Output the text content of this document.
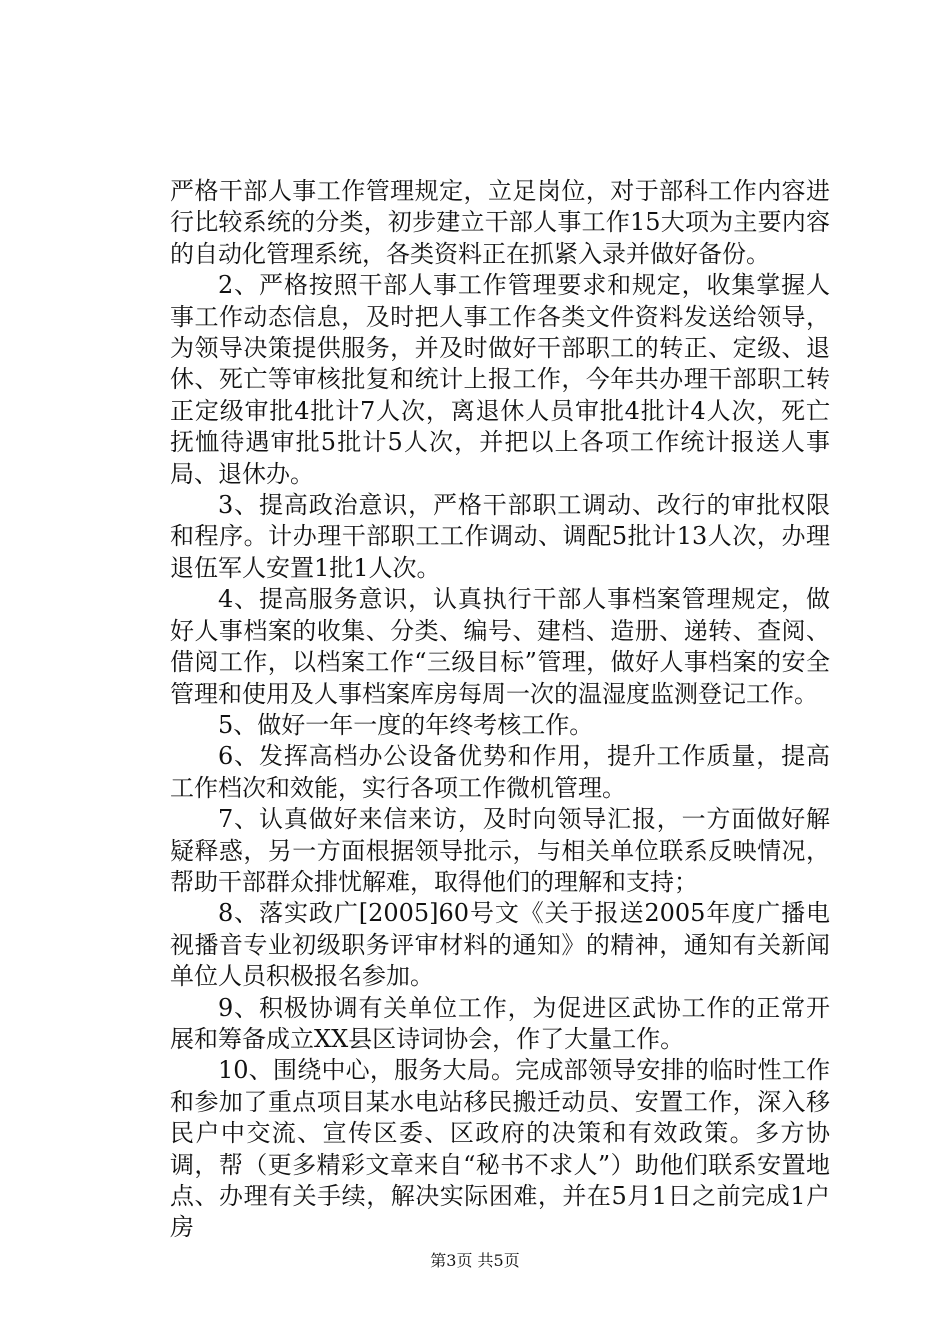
严格干部人事工作管理规定，立足岗位，对于部科工作内容进行比较系统的分类，初步建立干部人事工作15大项为主要内容的自动化管理系统，各类资料正在抓紧入录并做好备份。

2、严格按照干部人事工作管理要求和规定，收集掌握人事工作动态信息，及时把人事工作各类文件资料发送给领导，为领导决策提供服务，并及时做好干部职工的转正、定级、退休、死亡等审核批复和统计上报工作，今年共办理干部职工转正定级审批4批计7人次，离退休人员审批4批计4人次，死亡抚恤待遇审批5批计5人次，并把以上各项工作统计报送人事局、退休办。

3、提高政治意识，严格干部职工调动、改行的审批权限和程序。计办理干部职工工作调动、调配5批计13人次，办理退伍军人安置1批1人次。

4、提高服务意识，认真执行干部人事档案管理规定，做好人事档案的收集、分类、编号、建档、造册、递转、查阅、借阅工作，以档案工作“三级目标”管理，做好人事档案的安全管理和使用及人事档案库房每周一次的温湿度监测登记工作。

5、做好一年一度的年终考核工作。

6、发挥高档办公设备优势和作用，提升工作质量，提高工作档次和效能，实行各项工作微机管理。

7、认真做好来信来访，及时向领导汇报，一方面做好解疑释惑，另一方面根据领导批示，与相关单位联系反映情况，帮助干部群众排忧解难，取得他们的理解和支持；

8、落实政广[2005]60号文《关于报送2005年度广播电视播音专业初级职务评审材料的通知》的精神，通知有关新闻单位人员积极报名参加。

9、积极协调有关单位工作，为促进区武协工作的正常开展和筹备成立XX县区诗词协会，作了大量工作。

10、围绕中心，服务大局。完成部领导安排的临时性工作和参加了重点项目某水电站移民搬迁动员、安置工作，深入移民户中交流、宣传区委、区政府的决策和有效政策。多方协调，帮（更多精彩文章来自“秘书不求人”）助他们联系安置地点、办理有关手续，解决实际困难，并在5月1日之前完成1户房

第3页 共5页
